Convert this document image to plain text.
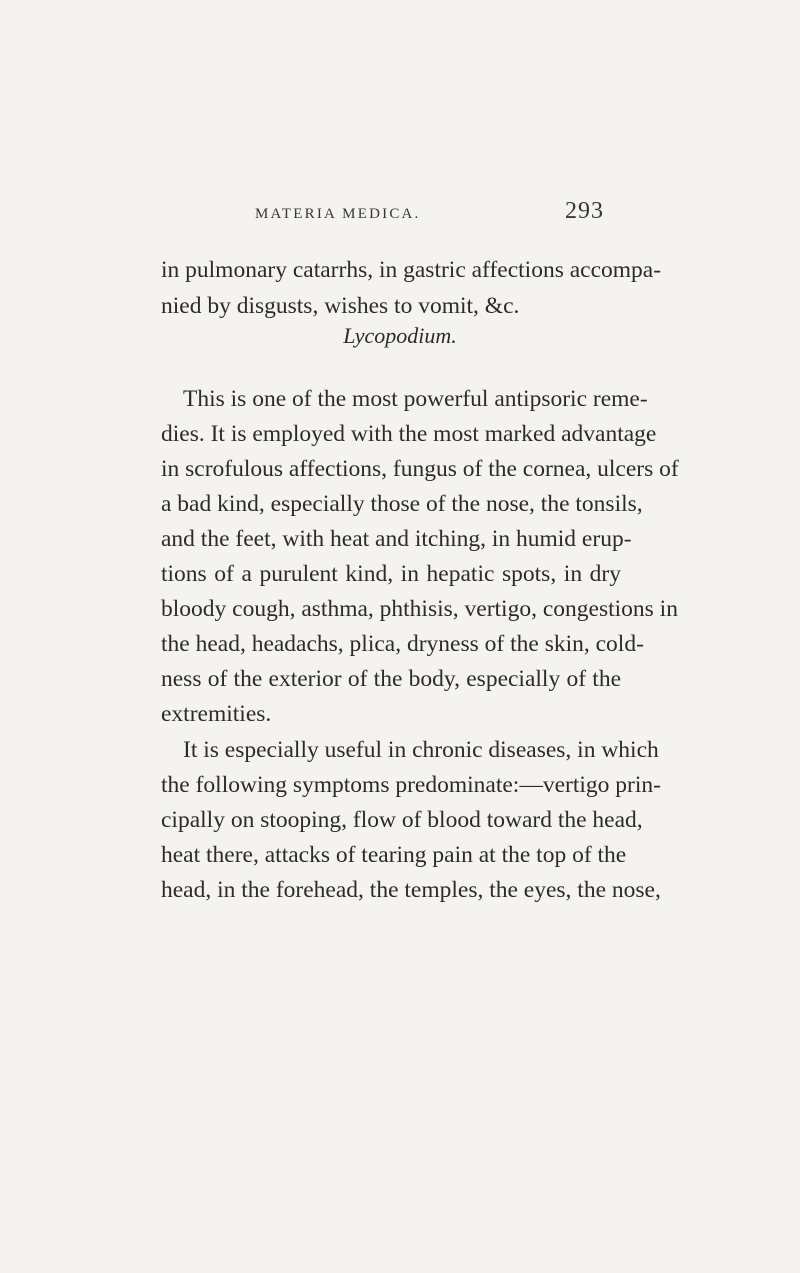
MATERIA MEDICA.	293
in pulmonary catarrhs, in gastric affections accompa-
nied by disgusts, wishes to vomit, &c.
Lycopodium.
This is one of the most powerful antipsoric reme-
dies. It is employed with the most marked advantage
in scrofulous affections, fungus of the cornea, ulcers of
a bad kind, especially those of the nose, the tonsils,
and the feet, with heat and itching, in humid erup-
tions of a purulent kind, in hepatic spots, in dry
bloody cough, asthma, phthisis, vertigo, congestions in
the head, headachs, plica, dryness of the skin, cold-
ness of the exterior of the body, especially of the
extremities.
It is especially useful in chronic diseases, in which
the following symptoms predominate:—vertigo prin-
cipally on stooping, flow of blood toward the head,
heat there, attacks of tearing pain at the top of the
head, in the forehead, the temples, the eyes, the nose,
